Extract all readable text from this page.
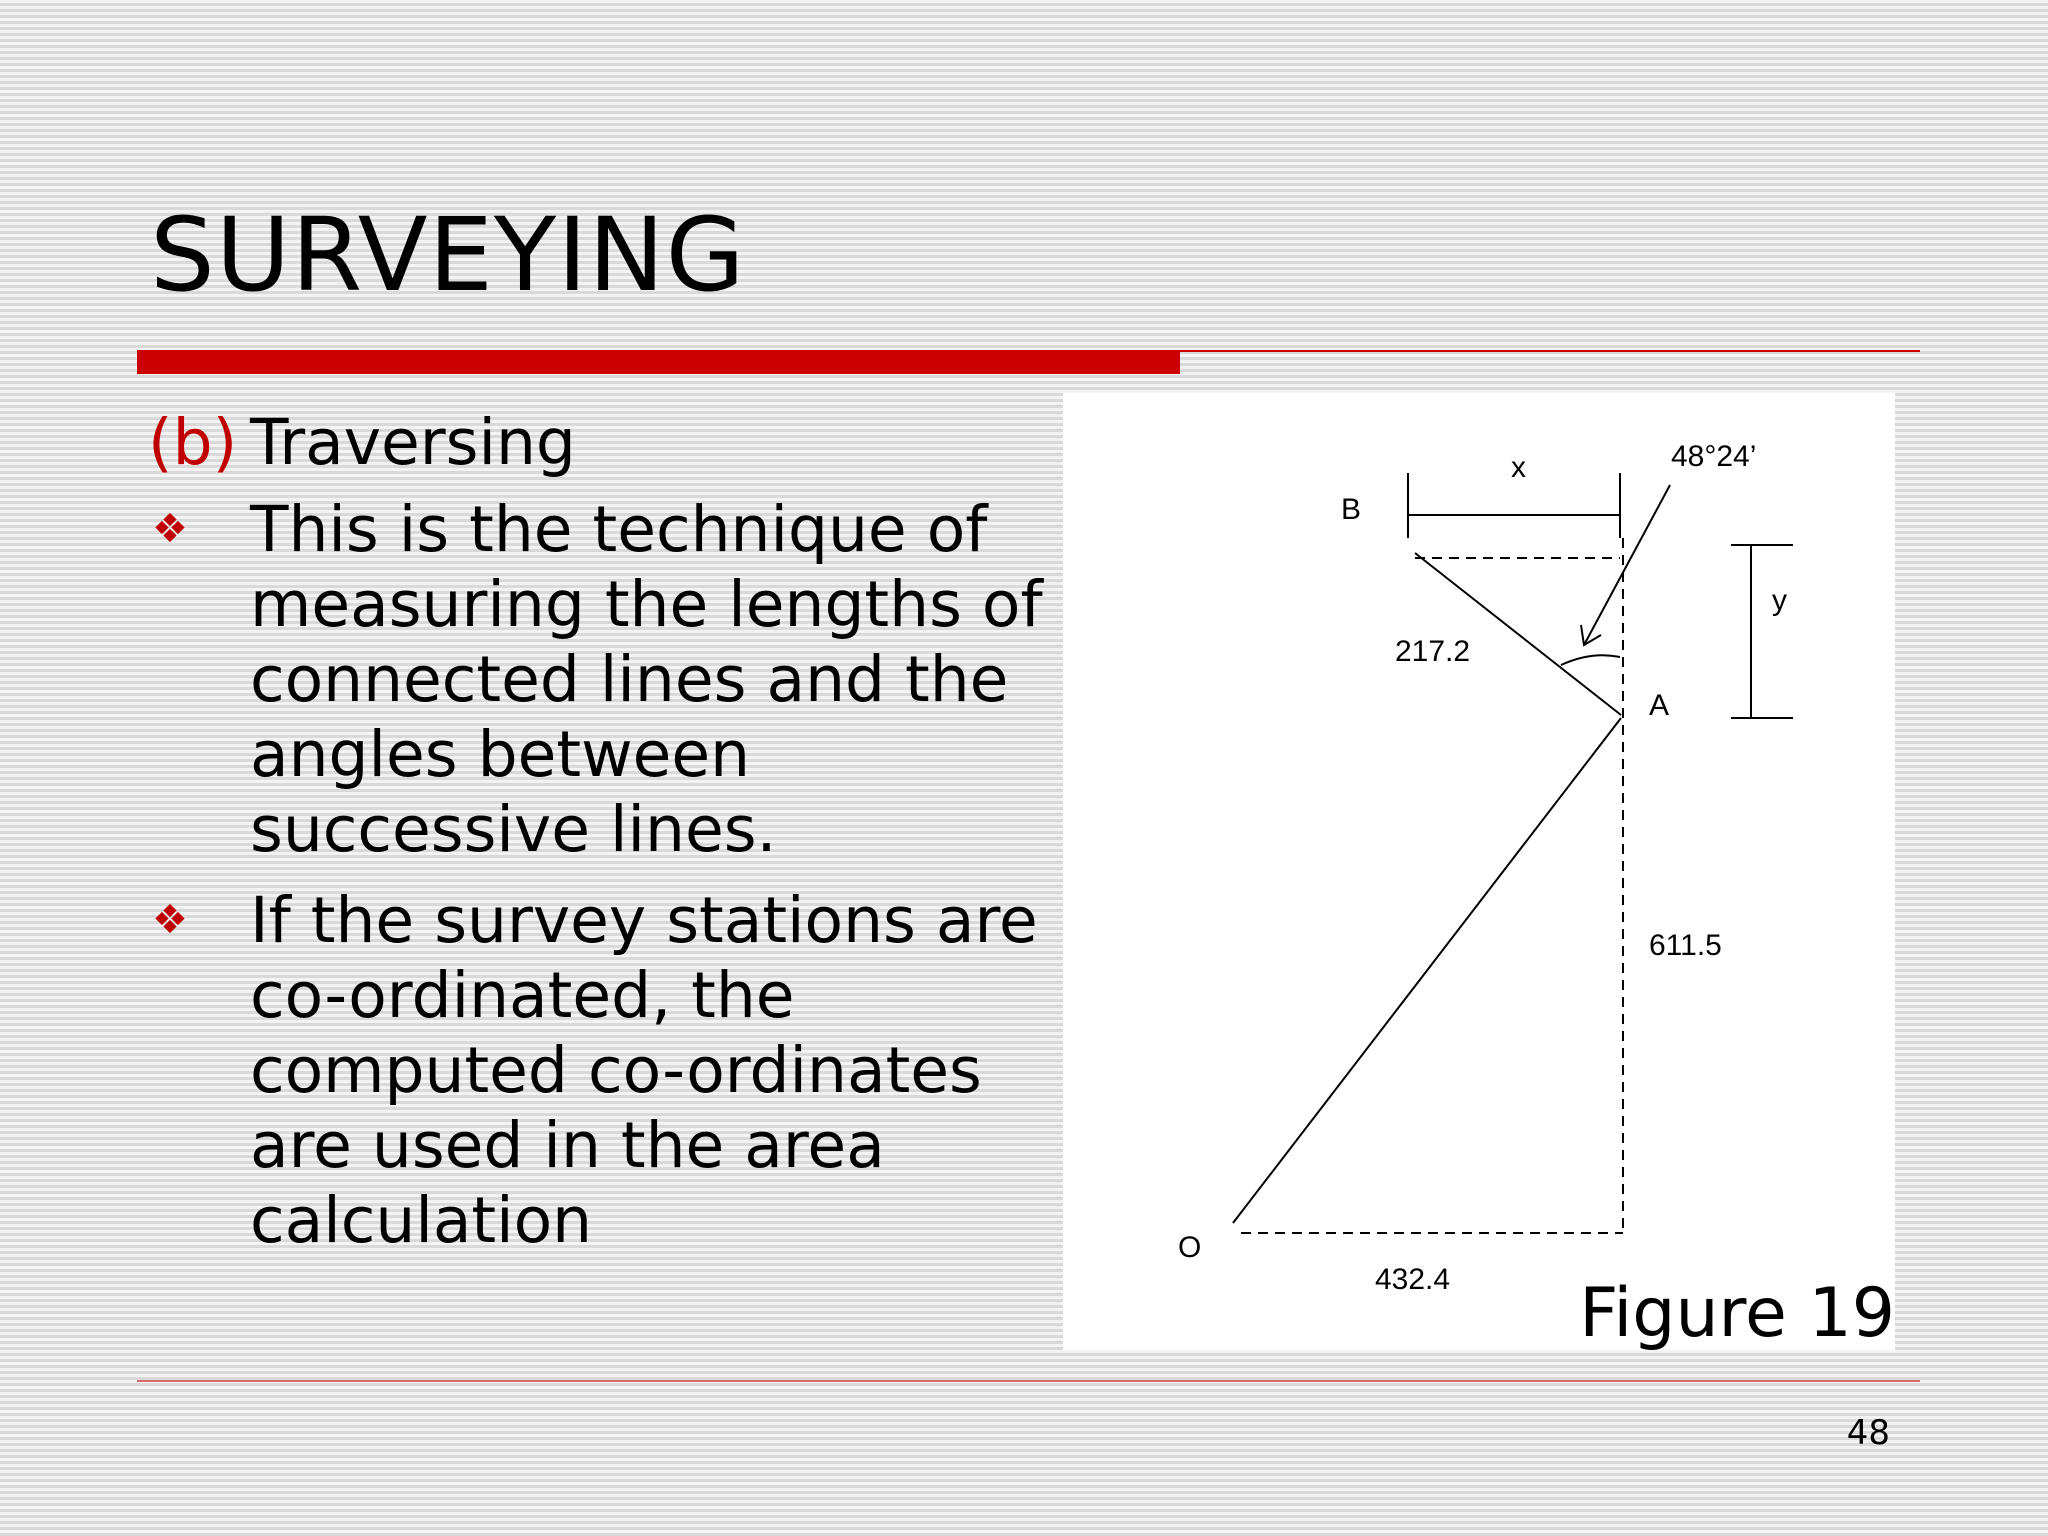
SURVEYING
(b) Traversing
❖ This is the technique of measuring the lengths of connected lines and the angles between successive lines.
❖ If the survey stations are co-ordinated, the computed co-ordinates are used in the area calculation
B
x	48°24’
y
217.2
A
611.5
O
432.4 Figure 19
48
